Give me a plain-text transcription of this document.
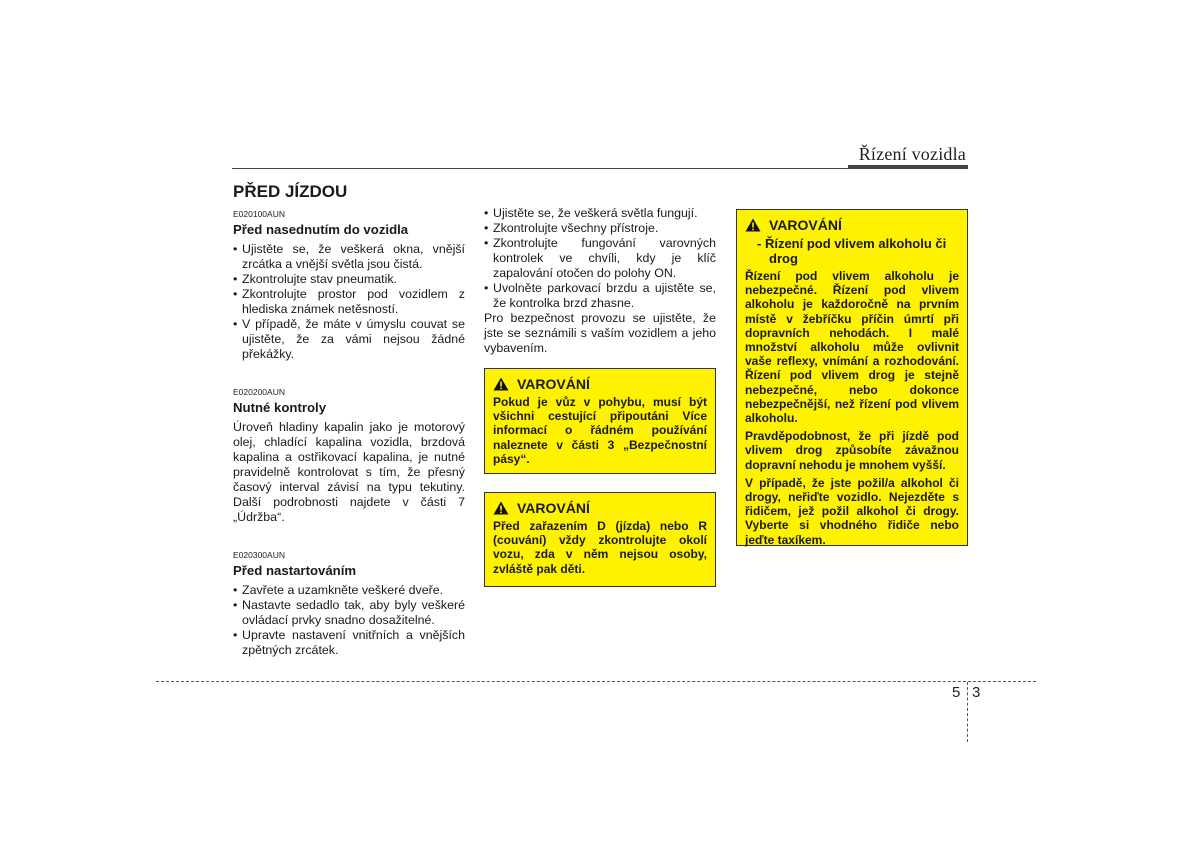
Řízení vozidla
PŘED JÍZDOU
E020100AUN
Před nasednutím do vozidla
• Ujistěte se, že veškerá okna, vnější zrcátka a vnější světla jsou čistá.
• Zkontrolujte stav pneumatik.
• Zkontrolujte prostor pod vozidlem z hlediska známek netěsností.
• V případě, že máte v úmyslu couvat se ujistěte, že za vámi nejsou žádné překážky.
E020200AUN
Nutné kontroly

Úroveň hladiny kapalin jako je motorový olej, chladící kapalina vozidla, brzdová kapalina a ostřikovací kapalina, je nutné pravidelně kontrolovat s tím, že přesný časový interval závisí na typu tekutiny. Další podrobnosti najdete v části 7 „Údržba“.

E020300AUN
Před nastartováním
• Zavřete a uzamkněte veškeré dveře.
• Nastavte sedadlo tak, aby byly veškeré ovládací prvky snadno dosažitelné.
• Upravte nastavení vnitřních a vnějších zpětných zrcátek.
• Ujistěte se, že veškerá světla fungují.
• Zkontrolujte všechny přístroje.
• Zkontrolujte fungování varovných kontrolek ve chvíli, kdy je klíč zapalování otočen do polohy ON.
• Uvolněte parkovací brzdu a ujistěte se, že kontrolka brzd zhasne.

Pro bezpečnost provozu se ujistěte, že jste se seznámili s vaším vozidlem a jeho vybavením.

VAROVÁNÍ

Pokud je vůz v pohybu, musí být všichni cestující připoutáni Více informací o řádném používání naleznete v části 3 „Bezpečnostní pásy“.

VAROVÁNÍ

Před zařazením D (jízda) nebo R (couvání) vždy zkontrolujte okolí vozu, zda v něm nejsou osoby, zvláště pak děti.

VAROVÁNÍ
- Řízení pod vlivem alkoholu či drog

Řízení pod vlivem alkoholu je nebezpečné. Řízení pod vlivem alkoholu je každoročně na prvním místě v žebříčku příčin úmrtí při dopravních nehodách. I malé množství alkoholu může ovlivnit vaše reflexy, vnímání a rozhodování. Řízení pod vlivem drog je stejně nebezpečné, nebo dokonce nebezpečnější, než řízení pod vlivem alkoholu.

Pravděpodobnost, že při jízdě pod vlivem drog způsobíte závažnou dopravní nehodu je mnohem vyšší.

V případě, že jste požil/a alkohol či drogy, neřiďte vozidlo. Nejezděte s řidičem, jež požil alkohol či drogy. Vyberte si vhodného řidiče nebo jeďte taxíkem.

5 3
